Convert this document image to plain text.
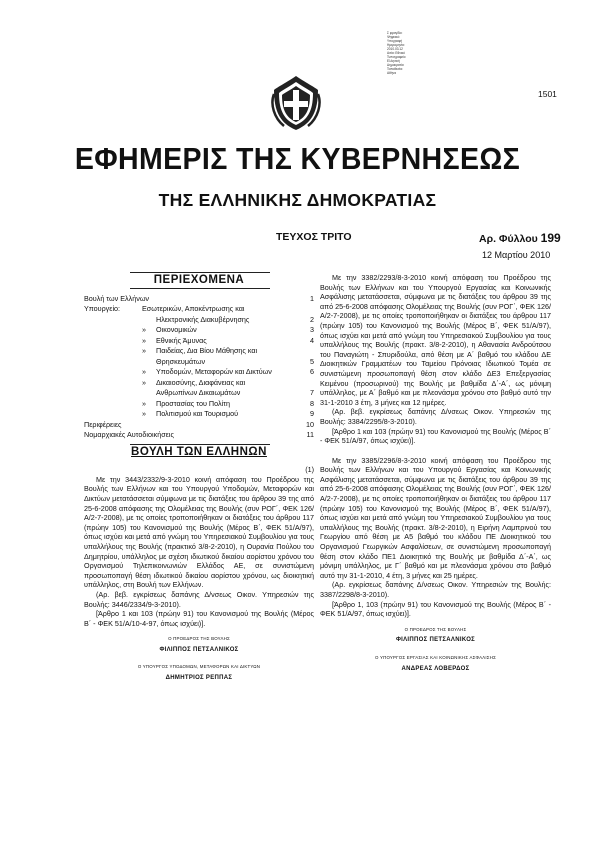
Σ φραγίδα:
Ψηφιακό
Υπογραφή
Ημερομηνία:
2010.03.12
Αιτία: Εθνικό
Τυπογραφείο
Ελληνική
Δημοκρατία
Τοποθεσία:
Αθήνα
1501
ΕΦΗΜΕΡΙΣ ΤΗΣ ΚΥΒΕΡΝΗΣΕΩΣ
ΤΗΣ ΕΛΛΗΝΙΚΗΣ ΔΗΜΟΚΡΑΤΙΑΣ
ΤΕΥΧΟΣ ΤΡΙΤΟ	Αρ. Φύλλου 199
12 Μαρτίου 2010
ΠΕΡΙΕΧΟΜΕΝΑ
Βουλή των Ελλήνων	1
Υπουργείο:	Εσωτερικών, Αποκέντρωσης και
Ηλεκτρονικής Διακυβέρνησης	2
» Οικονομικών	3
» Εθνικής Άμυνας	4
» Παιδείας, Δια Βίου Μάθησης και
Θρησκευμάτων	5
» Υποδομών, Μεταφορών και Δικτύων	6
» Δικαιοσύνης, Διαφάνειας και
Ανθρωπίνων Δικαιωμάτων	7
» Προστασίας του Πολίτη	8
» Πολιτισμού και Τουρισμού	9
Περιφέρειες	10
Νομαρχιακές Αυτοδιοικήσεις	11
ΒΟΥΛΗ ΤΩΝ ΕΛΛΗΝΩΝ
(1)

Με την 3443/2332/9-3-2010 κοινή απόφαση του Προέδρου της Βουλής των Ελλήνων και του Υπουργού Υποδομών, Μεταφορών και Δικτύων μετατάσσεται σύμφωνα με τις διατάξεις του άρθρου 39 της από 25-6-2008 απόφασης της Ολομέλειας της Βουλής (συν ΡΟΓ΄, ΦΕΚ 126/Α/2-7-2008), με τις οποίες τροποποιήθηκαν οι διατάξεις του άρθρου 117 (πρώην 105) του Κανονισμού της Βουλής (Μέρος Β΄, ΦΕΚ 51/Α/97), όπως ισχύει και μετά από γνώμη του Υπηρεσιακού Συμβουλίου για τους υπαλλήλους της Βουλής (πρακτικό 3/8-2-2010), η Ουρανία Πούλου του Δημητρίου, υπάλληλος με σχέση ιδιωτικού δικαίου αορίστου χρόνου του Οργανισμού Τηλεπικοινωνιών Ελλάδος ΑΕ, σε συνιστώμενη προσωποπαγή θέση ιδιωτικού δικαίου αορίστου χρόνου, ως διοικητική υπάλληλος, στη Βουλή των Ελλήνων.

(Αρ. βεβ. εγκρίσεως δαπάνης Δ/νσεως Οικον. Υπηρεσιών της Βουλής: 3446/2334/9-3-2010).

[Άρθρο 1 και 103 (πρώην 91) του Κανονισμού της Βουλής (Μέρος Β΄ - ΦΕΚ 51/Α/10-4-97, όπως ισχύει)].

Ο ΠΡΟΕΔΡΟΣ ΤΗΣ ΒΟΥΛΗΣ
ΦΙΛΙΠΠΟΣ ΠΕΤΣΑΛΝΙΚΟΣ
Ο ΥΠΟΥΡΓΟΣ ΥΠΟΔΟΜΩΝ, ΜΕΤΑΦΟΡΩΝ ΚΑΙ ΔΙΚΤΥΩΝ
ΔΗΜΗΤΡΙΟΣ ΡΕΠΠΑΣ

Με την 3382/2293/8-3-2010 κοινή απόφαση του Προέδρου της Βουλής των Ελλήνων και του Υπουργού Εργασίας και Κοινωνικής Ασφάλισης μετατάσσεται, σύμφωνα με τις διατάξεις του άρθρου 39 της από 25-6-2008 απόφασης Ολομέλειας της Βουλής (συν ΡΟΓ΄, ΦΕΚ 126/Α/2-7-2008), με τις οποίες τροποποιήθηκαν οι διατάξεις του άρθρου 117 (πρώην 105) του Κανονισμού της Βουλής (Μέρος Β΄, ΦΕΚ 51/Α/97), όπως ισχύει και μετά από γνώμη του Υπηρεσιακού Συμβουλίου για τους υπαλλήλους της Βουλής (πρακτ. 3/8-2-2010), η Αθανασία Ανδρούτσου του Παναγιώτη - Σπυριδούλα, από θέση με Α΄ βαθμό του κλάδου ΔΕ Διοικητικών Γραμματέων του Ταμείου Πρόνοιας Ιδιωτικού Τομέα σε συνιστώμενη προσωποπαγή θέση στον κλάδο ΔΕ3 Επεξεργασίας Κειμένου (προσωρινού) της Βουλής με βαθμίδα Δ΄-Α΄, ως μόνιμη υπάλληλος, με Α΄ βαθμό και με πλεονάσμα χρόνου στο βαθμό αυτό την 31-1-2010 3 έτη, 3 μήνες και 12 ημέρες.

(Αρ. βεβ. εγκρίσεως δαπάνης Δ/νσεως Οικον. Υπηρεσιών της Βουλής: 3384/2295/8-3-2010).

[Άρθρο 1 και 103 (πρώην 91) του Κανονισμού της Βουλής (Μέρος Β΄ - ΦΕΚ 51/Α/97, όπως ισχύει)].

Με την 3385/2296/8-3-2010 κοινή απόφαση του Προέδρου της Βουλής των Ελλήνων και του Υπουργού Εργασίας και Κοινωνικής Ασφάλισης μετατάσσεται, σύμφωνα με τις διατάξεις του άρθρου 39 της από 25-6-2008 απόφασης Ολομέλειας της Βουλής (συν ΡΟΓ΄, ΦΕΚ 126/Α/2-7-2008), με τις οποίες τροποποιήθηκαν οι διατάξεις του άρθρου 117 (πρώην 105) του Κανονισμού της Βουλής (Μέρος Β΄, ΦΕΚ 51/Α/97), όπως ισχύει και μετά από γνώμη του Υπηρεσιακού Συμβουλίου για τους υπαλλήλους της Βουλής (πρακτ. 3/8-2-2010), η Ειρήνη Λαμπρινού του Γεωργίου από θέση με Α5 βαθμό του κλάδου ΠΕ Διοικητικού του Οργανισμού Γεωργικών Ασφαλίσεων, σε συνιστώμενη προσωποπαγή θέση στον κλάδο ΠΕ1 Διοικητικό της Βουλής με βαθμίδα Δ΄-Α΄, ως μόνιμη υπάλληλος, με Γ΄ βαθμό και με πλεονάσμα χρόνου στο βαθμό αυτό την 31-1-2010, 4 έτη, 3 μήνες και 25 ημέρες.

(Αρ. εγκρίσεως δαπάνης Δ/νσεως Οικον. Υπηρεσιών της Βουλής: 3387/2298/8-3-2010).

[Άρθρο 1, 103 (πρώην 91) του Κανονισμού της Βουλής (Μέρος Β΄ - ΦΕΚ 51/Α/97, όπως ισχύει)].

Ο ΠΡΟΕΔΡΟΣ ΤΗΣ ΒΟΥΛΗΣ
ΦΙΛΙΠΠΟΣ ΠΕΤΣΑΛΝΙΚΟΣ
Ο ΥΠΟΥΡΓΟΣ ΕΡΓΑΣΙΑΣ ΚΑΙ ΚΟΙΝΩΝΙΚΗΣ ΑΣΦΑΛΙΣΗΣ
ΑΝΔΡΕΑΣ ΛΟΒΕΡΔΟΣ
